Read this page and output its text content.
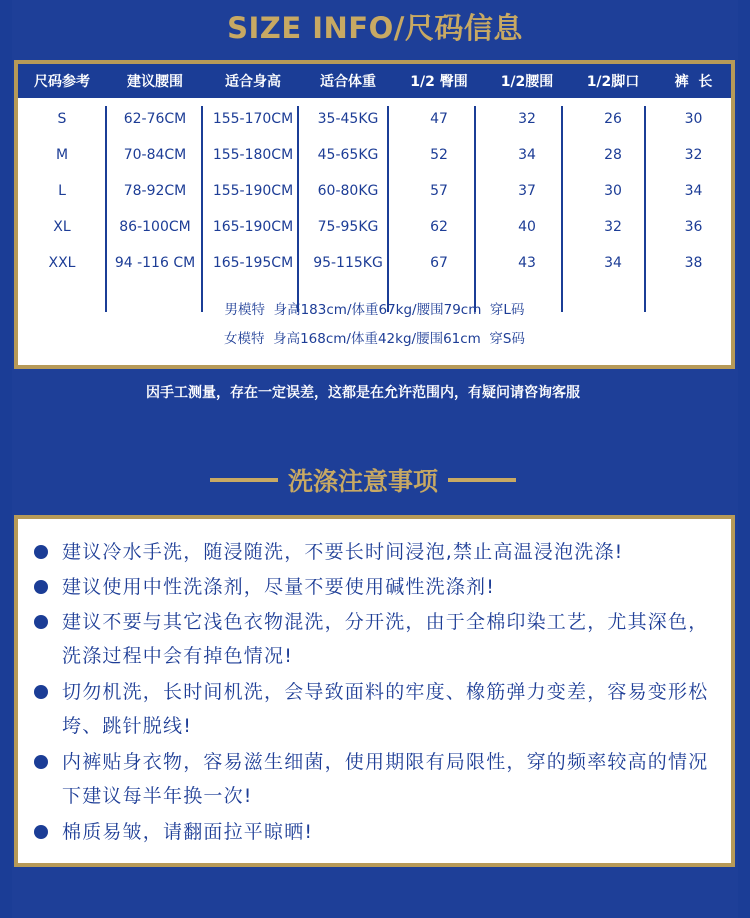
SIZE INFO/尺码信息
尺码参考	建议腰围	适合身高	适合体重	1/2 臀围	1/2腰围	1/2脚口	裤  长
S	62-76CM	155-170CM	35-45KG	47	32	26	30
M	70-84CM	155-180CM	45-65KG	52	34	28	32
L	78-92CM	155-190CM	60-80KG	57	37	30	34
XL	86-100CM	165-190CM	75-95KG	62	40	32	36
XXL	94 -116 CM	165-195CM	95-115KG	67	43	34	38
男模特  身高183cm/体重67kg/腰围79cm  穿L码
女模特  身高168cm/体重42kg/腰围61cm  穿S码
因手工测量，存在一定误差，这都是在允许范围内，有疑问请咨询客服
洗涤注意事项
建议冷水手洗，随浸随洗，不要长时间浸泡,禁止高温浸泡洗涤!
建议使用中性洗涤剂，尽量不要使用碱性洗涤剂!
建议不要与其它浅色衣物混洗，分开洗，由于全棉印染工艺，尤其深色，洗涤过程中会有掉色情况!
切勿机洗，长时间机洗，会导致面料的牢度、橡筋弹力变差，容易变形松垮、跳针脱线!
内裤贴身衣物，容易滋生细菌，使用期限有局限性，穿的频率较高的情况下建议每半年换一次!
棉质易皱，请翻面拉平晾晒!
